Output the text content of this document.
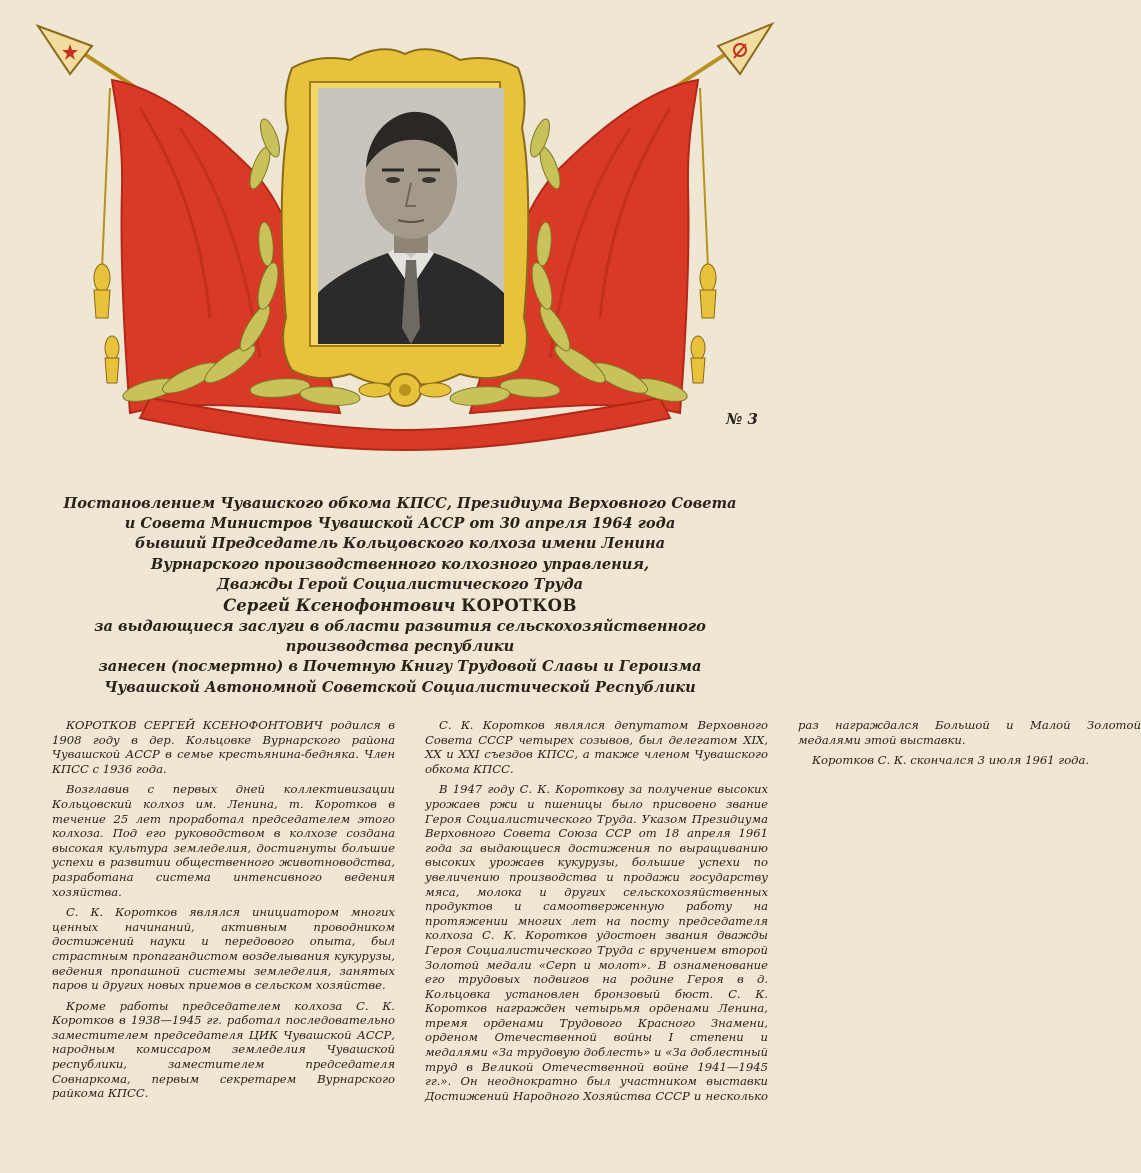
№ 3

Постановлением Чувашского обкома КПСС, Президиума Верховного Совета

и Совета Министров Чувашской АССР от 30 апреля 1964 года

бывший Председатель Кольцовского колхоза имени Ленина

Вурнарского производственного колхозного управления,

Дважды Герой Социалистического Труда

Сергей Ксенофонтович КОРОТКОВ

за выдающиеся заслуги в области развития сельскохозяйственного

производства республики

занесен (посмертно) в Почетную Книгу Трудовой Славы и Героизма

Чувашской Автономной Советской Социалистической Республики

КОРОТКОВ СЕРГЕЙ КСЕНОФОНТОВИЧ родился в 1908 году в дер. Кольцовке Вурнарского района Чувашской АССР в семье крестьянина-бедняка. Член КПСС с 1936 года.

Возглавив с первых дней коллективизации Кольцовский колхоз им. Ленина, т. Коротков в течение 25 лет проработал председателем этого колхоза. Под его руководством в колхозе создана высокая культура земледелия, достигнуты большие успехи в развитии общественного животноводства, разработана система интенсивного ведения хозяйства.

С. К. Коротков являлся инициатором многих ценных начинаний, активным проводником достижений науки и передового опыта, был страстным пропагандистом возделывания кукурузы, ведения пропашной системы земледелия, занятых паров и других новых приемов в сельском хозяйстве.

Кроме работы председателем колхоза С. К. Коротков в 1938—1945 гг. работал последовательно заместителем председателя ЦИК Чувашской АССР, народным комиссаром земледелия Чувашской республики, заместителем председателя Совнаркома, первым секретарем Вурнарского райкома КПСС.

С. К. Коротков являлся депутатом Верховного Совета СССР четырех созывов, был делегатом XIX, XX и XXI съездов КПСС, а также членом Чувашского обкома КПСС.

В 1947 году С. К. Короткову за получение высоких урожаев ржи и пшеницы было присвоено звание Героя Социалистического Труда. Указом Президиума Верховного Совета Союза ССР от 18 апреля 1961 года за выдающиеся достижения по выращиванию высоких урожаев кукурузы, большие успехи по увеличению производства и продажи государству мяса, молока и других сельскохозяйственных продуктов и самоотверженную работу на протяжении многих лет на посту председателя колхоза С. К. Коротков удостоен звания дважды Героя Социалистического Труда с вручением второй Золотой медали «Серп и молот». В ознаменование его трудовых подвигов на родине Героя в д. Кольцовка установлен бронзовый бюст. С. К. Коротков награжден четырьмя орденами Ленина, тремя орденами Трудового Красного Знамени, орденом Отечественной войны I степени и медалями «За трудовую доблесть» и «За доблестный труд в Великой Отечественной войне 1941—1945 гг.». Он неоднократно был участником выставки Достижений Народного Хозяйства СССР и несколько раз награждался Большой и Малой Золотой медалями этой выставки.

Коротков С. К. скончался 3 июля 1961 года.
